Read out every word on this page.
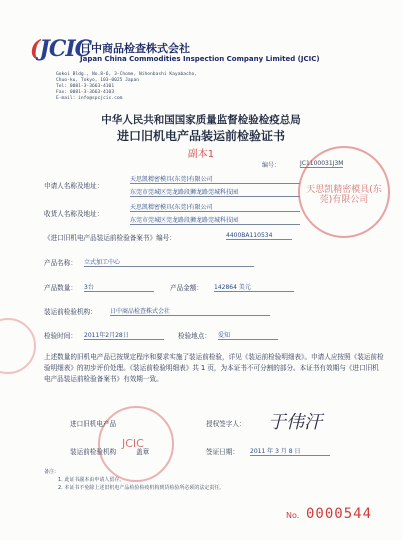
(JCIC
日中商品检查株式会社
Japan China Commodities Inspection Company Limited (JCIC)
Gokoi Bldg., No.8-6, 3-Chome, Nihonbashi Kayabacho,
Chuo-ku, Tokyo, 103-0025 Japan
Tel: 0081-3-3663-4101
Fax: 0081-3-3663-4103
E-mail: info@spcjcic.com
中华人民共和国国家质量监督检验检疫总局
进口旧机电产品装运前检验证书
副本1
编号：	JC1100031J3M
天思凯精密模具(东莞)有限公司
JCIC
申请人名称及地址：
天思凯精密模具(东莞)有限公司
东莞市莞城区莞龙路段狮龙路莞城科技园
收货人名称及地址：
天思凯精密模具(东莞)有限公司
东莞市莞城区莞龙路段狮龙路莞城科技园
《进口旧机电产品装运前检验备案书》编号：	4400BA110534
产品名称： 立式加工中心
产品数量： 3台	产品金额： 142864 美元
装运前检验机构： 日中商品检查株式会社
检验时间： 2011年2月28日	检验地点： 爱知
上述数量的旧机电产品已按规定程序和要求实施了装运前检验，详见《装运前检验明细表》。申请人应按照《装运前检验明细表》的初步评价处理。《装运前检验明细表》共 1 页，为本证书不可分割的部分。本证书有效期与《进口旧机电产品装运前检验备案书》有效期一致。
进口旧机电产品
装运前检验机构	盖章
授权签字人： 于伟汗
签证日期： 2011 年 3 月 8 日
备注：
1. 此证书副本由申请人留存。
2. 本证书不免除上述旧机电产品检验检疫机构到货检验所必须的法定责任。
No. 0000544
